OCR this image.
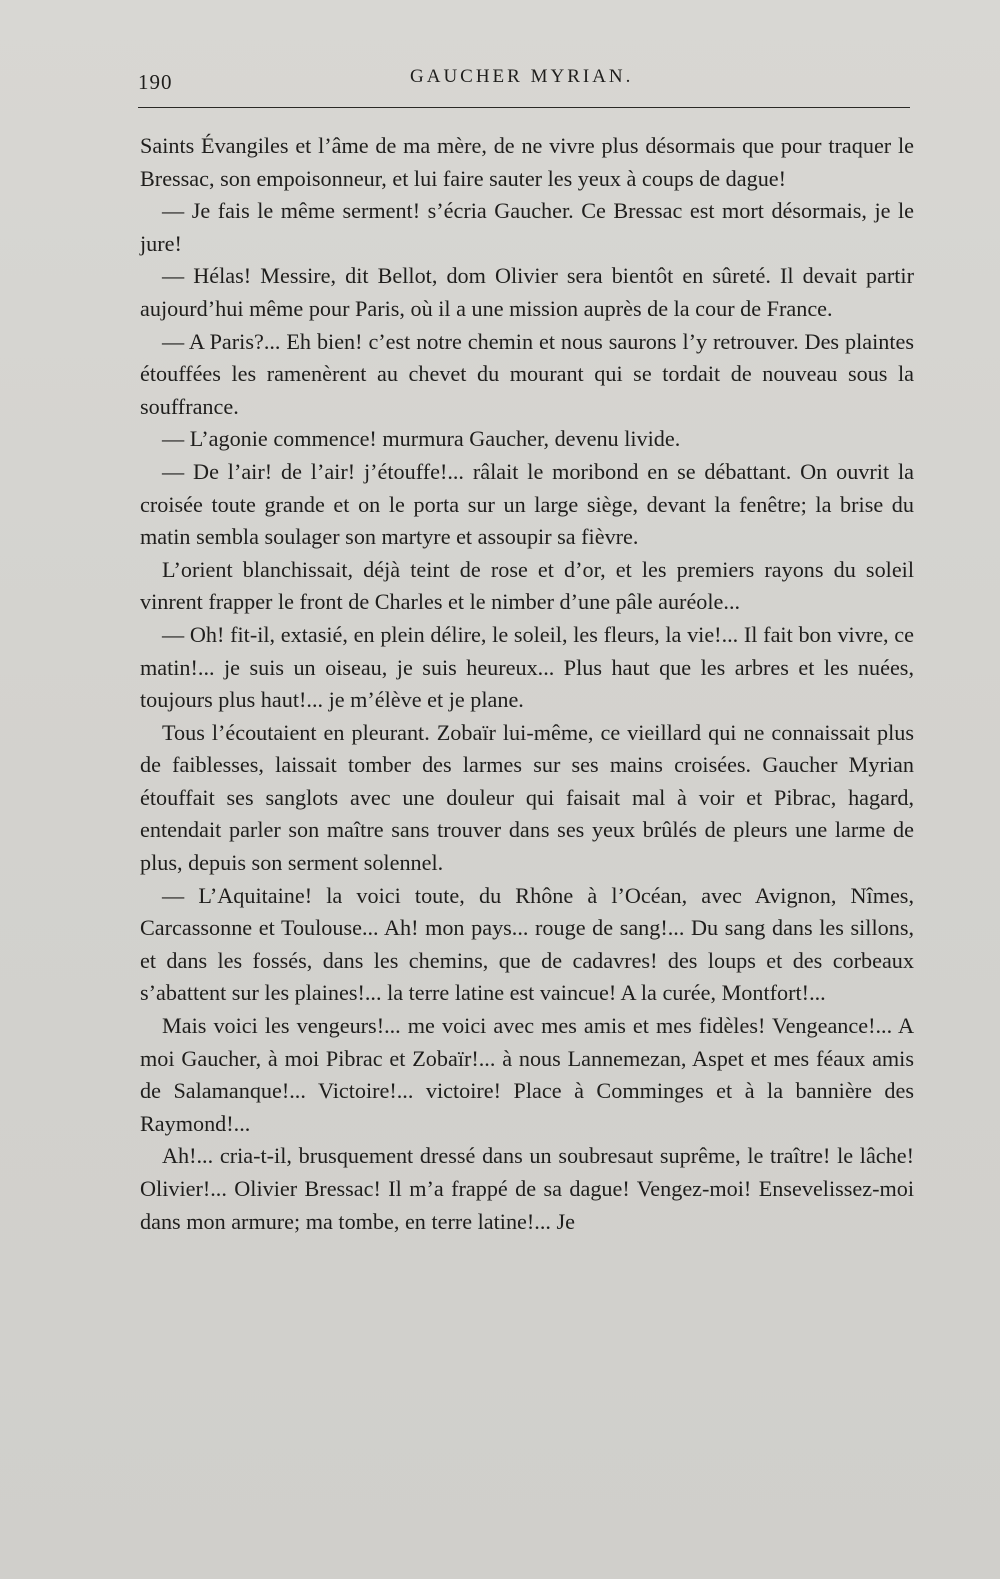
190	GAUCHER MYRIAN.

Saints Évangiles et l’âme de ma mère, de ne vivre plus désormais que pour traquer le Bressac, son empoisonneur, et lui faire sauter les yeux à coups de dague!

— Je fais le même serment! s’écria Gaucher. Ce Bressac est mort désormais, je le jure!

— Hélas! Messire, dit Bellot, dom Olivier sera bientôt en sûreté. Il devait partir aujourd’hui même pour Paris, où il a une mission auprès de la cour de France.

— A Paris?... Eh bien! c’est notre chemin et nous saurons l’y retrouver. Des plaintes étouffées les ramenèrent au chevet du mourant qui se tordait de nouveau sous la souffrance.

— L’agonie commence! murmura Gaucher, devenu livide.

— De l’air! de l’air! j’étouffe!... râlait le moribond en se débattant. On ouvrit la croisée toute grande et on le porta sur un large siège, devant la fenêtre; la brise du matin sembla soulager son martyre et assoupir sa fièvre.

L’orient blanchissait, déjà teint de rose et d’or, et les premiers rayons du soleil vinrent frapper le front de Charles et le nimber d’une pâle auréole...

— Oh! fit-il, extasié, en plein délire, le soleil, les fleurs, la vie!... Il fait bon vivre, ce matin!... je suis un oiseau, je suis heureux... Plus haut que les arbres et les nuées, toujours plus haut!... je m’élève et je plane.

Tous l’écoutaient en pleurant. Zobaïr lui-même, ce vieillard qui ne connaissait plus de faiblesses, laissait tomber des larmes sur ses mains croisées. Gaucher Myrian étouffait ses sanglots avec une douleur qui faisait mal à voir et Pibrac, hagard, entendait parler son maître sans trouver dans ses yeux brûlés de pleurs une larme de plus, depuis son serment solennel.

— L’Aquitaine! la voici toute, du Rhône à l’Océan, avec Avignon, Nîmes, Carcassonne et Toulouse... Ah! mon pays... rouge de sang!... Du sang dans les sillons, et dans les fossés, dans les chemins, que de cadavres! des loups et des corbeaux s’abattent sur les plaines!... la terre latine est vaincue! A la curée, Montfort!...

Mais voici les vengeurs!... me voici avec mes amis et mes fidèles! Vengeance!... A moi Gaucher, à moi Pibrac et Zobaïr!... à nous Lannemezan, Aspet et mes féaux amis de Salamanque!... Victoire!... victoire! Place à Comminges et à la bannière des Raymond!...

Ah!... cria-t-il, brusquement dressé dans un soubresaut suprême, le traître! le lâche! Olivier!... Olivier Bressac! Il m’a frappé de sa dague! Vengez-moi! Ensevelissez-moi dans mon armure; ma tombe, en terre latine!... Je
